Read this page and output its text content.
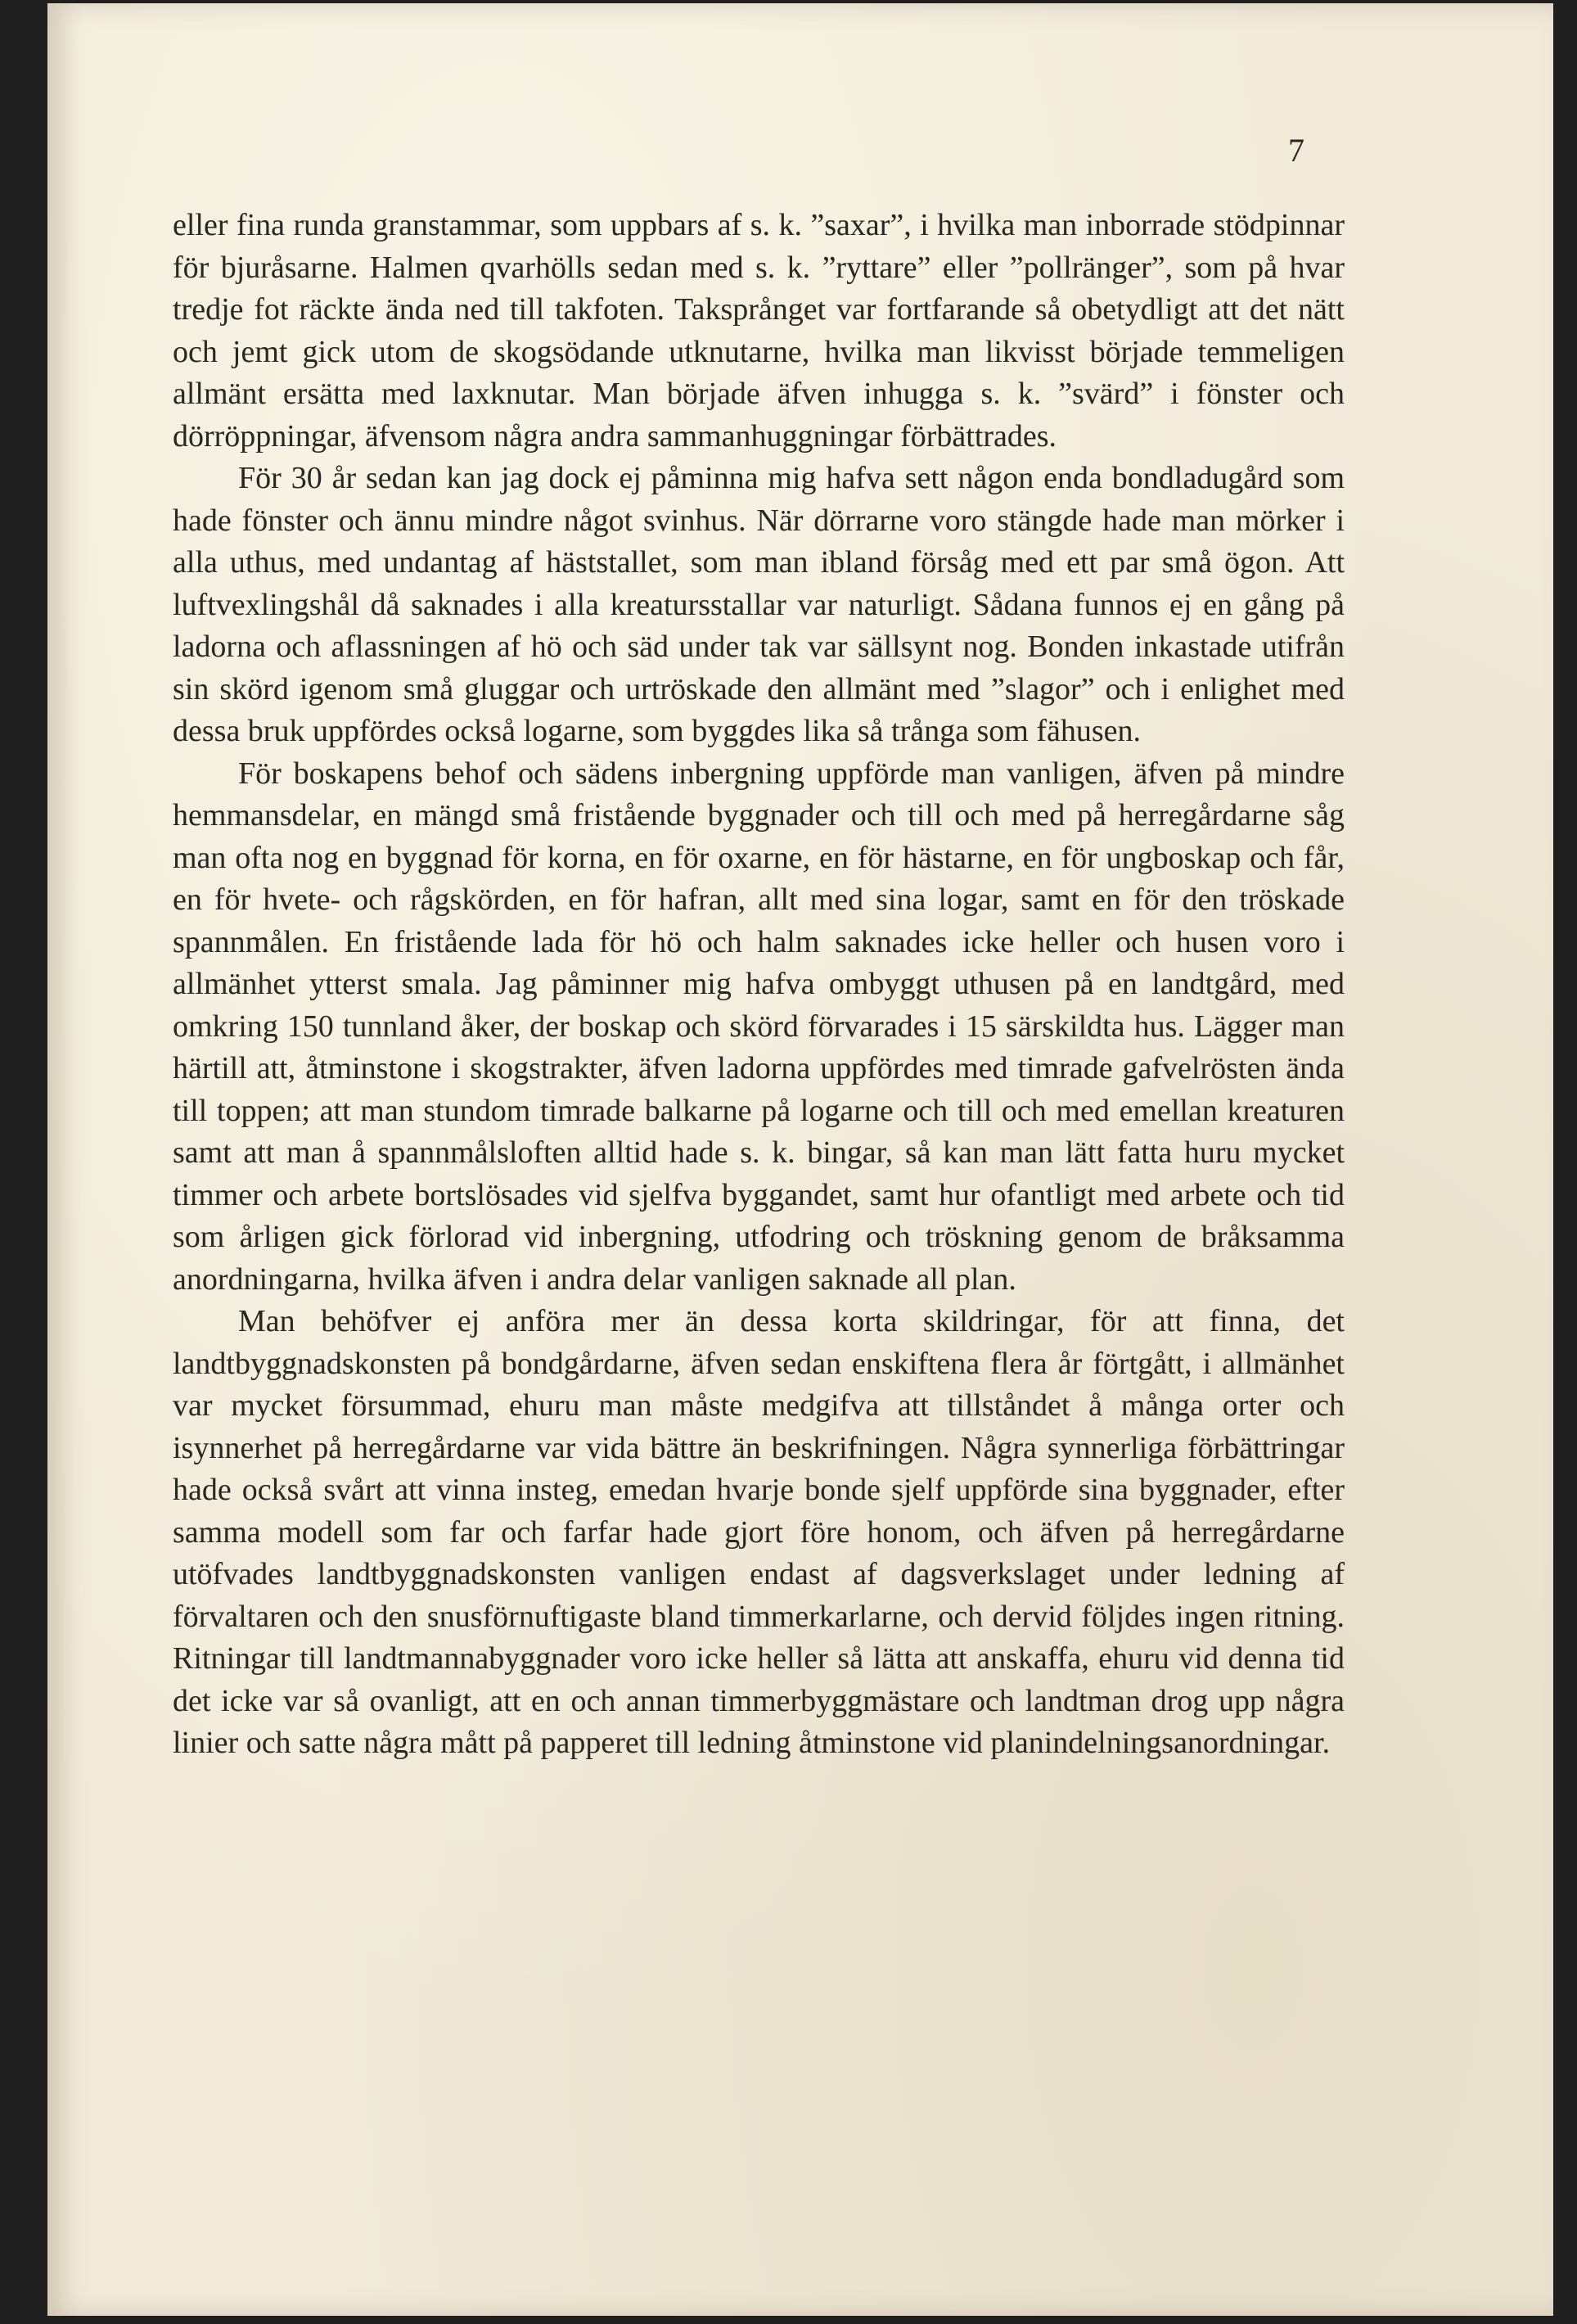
7

eller fina runda granstammar, som uppbars af s. k. ”saxar”, i hvilka man inborrade stödpinnar för bjuråsarne. Halmen qvarhölls sedan med s. k. ”ryttare” eller ”pollränger”, som på hvar tredje fot räckte ända ned till takfoten. Taksprånget var fortfarande så obetydligt att det nätt och jemt gick utom de skogsödande utknutarne, hvilka man likvisst började temmeligen allmänt ersätta med laxknutar. Man började äfven inhugga s. k. ”svärd” i fönster och dörröppningar, äfvensom några andra sammanhuggningar förbättrades.

För 30 år sedan kan jag dock ej påminna mig hafva sett någon enda bondladugård som hade fönster och ännu mindre något svinhus. När dörrarne voro stängde hade man mörker i alla uthus, med undantag af häststallet, som man ibland försåg med ett par små ögon. Att luftvexlingshål då saknades i alla kreatursstallar var naturligt. Sådana funnos ej en gång på ladorna och aflassningen af hö och säd under tak var sällsynt nog. Bonden inkastade utifrån sin skörd igenom små gluggar och urtröskade den allmänt med ”slagor” och i enlighet med dessa bruk uppfördes också logarne, som byggdes lika så trånga som fähusen.

För boskapens behof och sädens inbergning uppförde man vanligen, äfven på mindre hemmansdelar, en mängd små fristående byggnader och till och med på herregårdarne såg man ofta nog en byggnad för korna, en för oxarne, en för hästarne, en för ungboskap och får, en för hvete- och rågskörden, en för hafran, allt med sina logar, samt en för den tröskade spannmålen. En fristående lada för hö och halm saknades icke heller och husen voro i allmänhet ytterst smala. Jag påminner mig hafva ombyggt uthusen på en landtgård, med omkring 150 tunnland åker, der boskap och skörd förvarades i 15 särskildta hus. Lägger man härtill att, åtminstone i skogstrakter, äfven ladorna uppfördes med timrade gafvelrösten ända till toppen; att man stundom timrade balkarne på logarne och till och med emellan kreaturen samt att man å spannmålsloften alltid hade s. k. bingar, så kan man lätt fatta huru mycket timmer och arbete bortslösades vid sjelfva byggandet, samt hur ofantligt med arbete och tid som årligen gick förlorad vid inbergning, utfodring och tröskning genom de bråksamma anordningarna, hvilka äfven i andra delar vanligen saknade all plan.

Man behöfver ej anföra mer än dessa korta skildringar, för att finna, det landtbyggnadskonsten på bondgårdarne, äfven sedan enskiftena flera år förtgått, i allmänhet var mycket försummad, ehuru man måste medgifva att tillståndet å många orter och isynnerhet på herregårdarne var vida bättre än beskrifningen. Några synnerliga förbättringar hade också svårt att vinna insteg, emedan hvarje bonde sjelf uppförde sina byggnader, efter samma modell som far och farfar hade gjort före honom, och äfven på herregårdarne utöfvades landtbyggnadskonsten vanligen endast af dagsverkslaget under ledning af förvaltaren och den snusförnuftigaste bland timmerkarlarne, och dervid följdes ingen ritning. Ritningar till landtmannabyggnader voro icke heller så lätta att anskaffa, ehuru vid denna tid det icke var så ovanligt, att en och annan timmerbyggmästare och landtman drog upp några linier och satte några mått på papperet till ledning åtminstone vid planindelningsanordningar.
